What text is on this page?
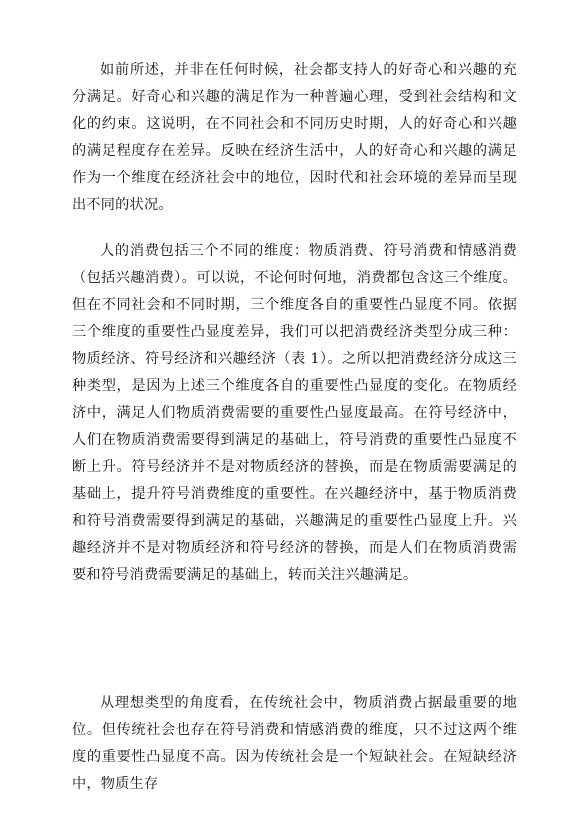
如前所述，并非在任何时候，社会都支持人的好奇心和兴趣的充分满足。好奇心和兴趣的满足作为一种普遍心理，受到社会结构和文化的约束。这说明，在不同社会和不同历史时期，人的好奇心和兴趣的满足程度存在差异。反映在经济生活中，人的好奇心和兴趣的满足作为一个维度在经济社会中的地位，因时代和社会环境的差异而呈现出不同的状况。

人的消费包括三个不同的维度：物质消费、符号消费和情感消费（包括兴趣消费）。可以说，不论何时何地，消费都包含这三个维度。但在不同社会和不同时期，三个维度各自的重要性凸显度不同。依据三个维度的重要性凸显度差异，我们可以把消费经济类型分成三种：物质经济、符号经济和兴趣经济（表 1）。之所以把消费经济分成这三种类型，是因为上述三个维度各自的重要性凸显度的变化。在物质经济中，满足人们物质消费需要的重要性凸显度最高。在符号经济中，人们在物质消费需要得到满足的基础上，符号消费的重要性凸显度不断上升。符号经济并不是对物质经济的替换，而是在物质需要满足的基础上，提升符号消费维度的重要性。在兴趣经济中，基于物质消费和符号消费需要得到满足的基础，兴趣满足的重要性凸显度上升。兴趣经济并不是对物质经济和符号经济的替换，而是人们在物质消费需要和符号消费需要满足的基础上，转而关注兴趣满足。

从理想类型的角度看，在传统社会中，物质消费占据最重要的地位。但传统社会也存在符号消费和情感消费的维度，只不过这两个维度的重要性凸显度不高。因为传统社会是一个短缺社会。在短缺经济中，物质生存
